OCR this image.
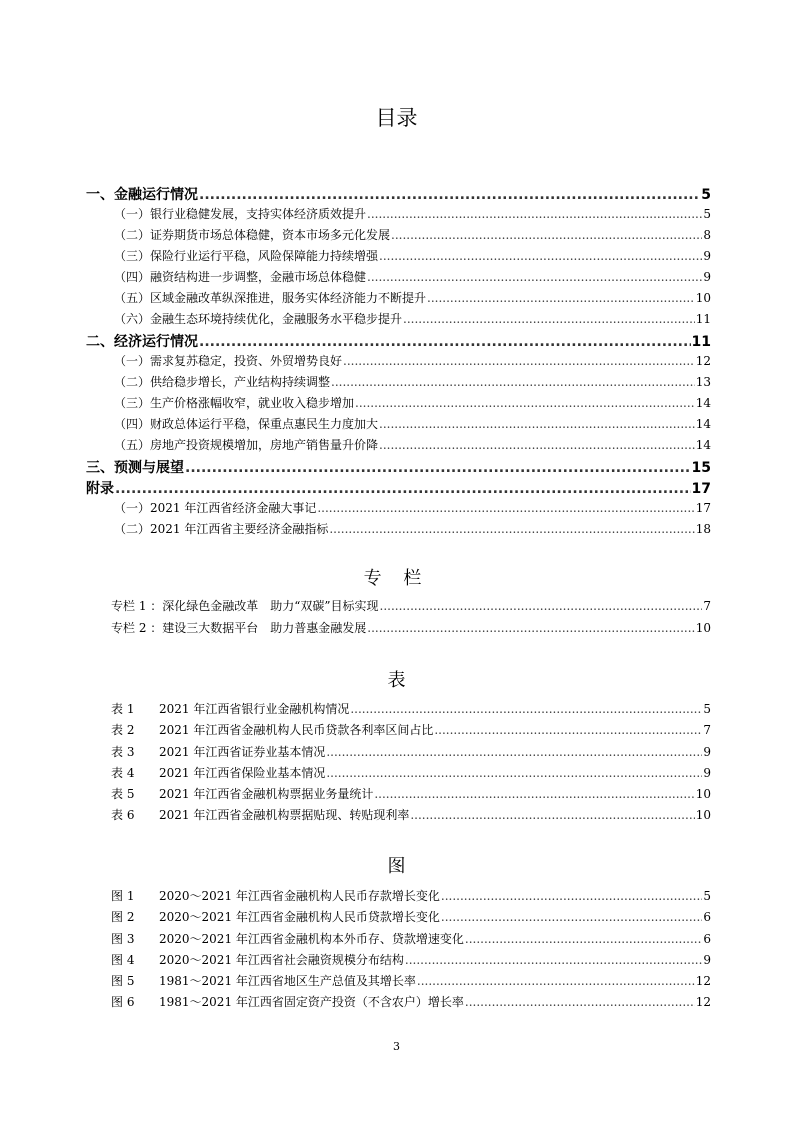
目录
一、金融运行情况 .....	5
（一）银行业稳健发展，支持实体经济质效提升 .....	5
（二）证券期货市场总体稳健，资本市场多元化发展 .....	8
（三）保险行业运行平稳，风险保障能力持续增强 .....	9
（四）融资结构进一步调整，金融市场总体稳健 .....	9
（五）区域金融改革纵深推进，服务实体经济能力不断提升 .....	10
（六）金融生态环境持续优化，金融服务水平稳步提升 .....	11
二、经济运行情况 .....	11
（一）需求复苏稳定，投资、外贸增势良好 .....	12
（二）供给稳步增长，产业结构持续调整 .....	13
（三）生产价格涨幅收窄，就业收入稳步增加 .....	14
（四）财政总体运行平稳，保重点惠民生力度加大 .....	14
（五）房地产投资规模增加，房地产销售量升价降 .....	14
三、预测与展望 .....	15
附录 .....	17
（一）2021 年江西省经济金融大事记 .....	17
（二）2021 年江西省主要经济金融指标 .....	18
专 栏
专栏 1 ： 深化绿色金融改革　助力“双碳”目标实现 .....	7
专栏 2 ： 建设三大数据平台　助力普惠金融发展 .....	10
表
表 1	2021 年江西省银行业金融机构情况 .....	5
表 2	2021 年江西省金融机构人民币贷款各利率区间占比 .....	7
表 3	2021 年江西省证券业基本情况 .....	9
表 4	2021 年江西省保险业基本情况 .....	9
表 5	2021 年江西省金融机构票据业务量统计 .....	10
表 6	2021 年江西省金融机构票据贴现、转贴现利率 .....	10
图
图 1	2020～2021 年江西省金融机构人民币存款增长变化 .....	5
图 2	2020～2021 年江西省金融机构人民币贷款增长变化 .....	6
图 3	2020～2021 年江西省金融机构本外币存、贷款增速变化 .....	6
图 4	2020～2021 年江西省社会融资规模分布结构 .....	9
图 5	1981～2021 年江西省地区生产总值及其增长率 .....	12
图 6	1981～2021 年江西省固定资产投资（不含农户）增长率 .....	12
3
